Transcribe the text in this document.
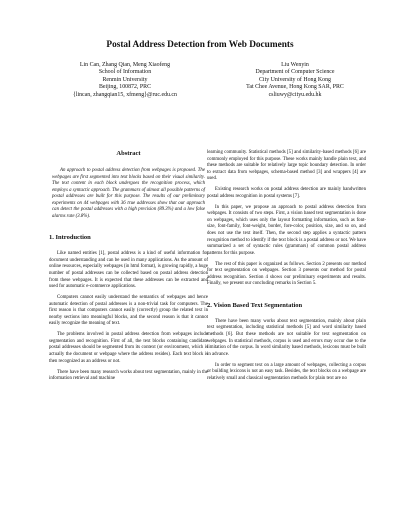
Postal Address Detection from Web Documents
Lin Can, Zhang Qian, Meng Xiaofeng
School of Information
Renmin University
Beijing, 100872, PRC
{lincan, zhangqian15, xfmeng}@ruc.edu.cn
Liu Wenyin
Department of Computer Science
City University of Hong Kong
Tat Chee Avenue, Hong Kong SAR, PRC
csliuwy@cityu.edu.hk
Abstract

An approach to postal address detection from webpages is proposed. The webpages are first segmented into text blocks based on their visual similarity. The text content in each block undergoes the recognition process, which employs a syntactic approach. The grammars of almost all possible patterns of postal addresses are built for this purpose. The results of our preliminary experiments on 44 webpages with 36 true addresses show that our approach can detect the postal addresses with a high precision (89.3%) and a low false alarms rate (3.8%).

1. Introduction

Like named entities [1], postal address is a kind of useful information for document understanding and can be used in many applications. As the amount of online resources, especially webpages (in html format), is growing rapidly, a huge number of postal addresses can be collected based on postal address detection from these webpages. It is expected that these addresses can be extracted and used for automatic e-commerce applications.

Computers cannot easily understand the semantics of webpages and hence automatic detection of postal addresses is a non-trivial task for computers. The first reason is that computers cannot easily (correctly) group the related text in nearby sections into meaningful blocks, and the second reason is that it cannot easily recognize the meaning of text.

The problems involved in postal address detection from webpages include segmentation and recognition. First of all, the text blocks containing candidate postal addresses should be segmented from its context (or environment, which is actually the document or webpage where the address resides). Each text block is then recognized as an address or not.

There have been many research works about text segmentation, mainly in the information retrieval and machine

learning community. Statistical methods [5] and similarity-based methods [6] are commonly employed for this purpose. These works mainly handle plain text, and these methods are suitable for relatively large topic boundary detection. In order to extract data from webpages, schema-based method [3] and wrappers [4] are used.

Existing research works on postal address detection are mainly handwritten postal address recognition in postal systems [7].

In this paper, we propose an approach to postal address detection from webpages. It consists of two steps. First, a vision based text segmentation is done on webpages, which uses only the layout formatting information, such as font-size, font-family, font-weight, border, fore-color, position, size, and so on, and does not use the text itself. Then, the second step applies a syntactic pattern recognition method to identify if the text block is a postal address or not. We have summarized a set of syntactic rules (grammars) of common postal address patterns for this purpose.

The rest of this paper is organized as follows. Section 2 presents our method for text segmentation on webpages. Section 3 presents our method for postal address recognition. Section 4 shows our preliminary experiments and results. Finally, we present our concluding remarks in Section 5.

2. Vision Based Text Segmentation

There have been many works about text segmentation, mainly about plain text segmentation, including statistical methods [5] and word similarity based methods [6]. But these methods are not suitable for text segmentation on webpages. In statistical methods, corpus is used and errors may occur due to the limitation of the corpus. In word similarity based methods, lexicons must be built in advance.

In order to segment text on a large amount of webpages, collecting a corpus or building lexicons is not an easy task. Besides, the text blocks on a webpage are relatively small and classical segmentation methods for plain text are no
